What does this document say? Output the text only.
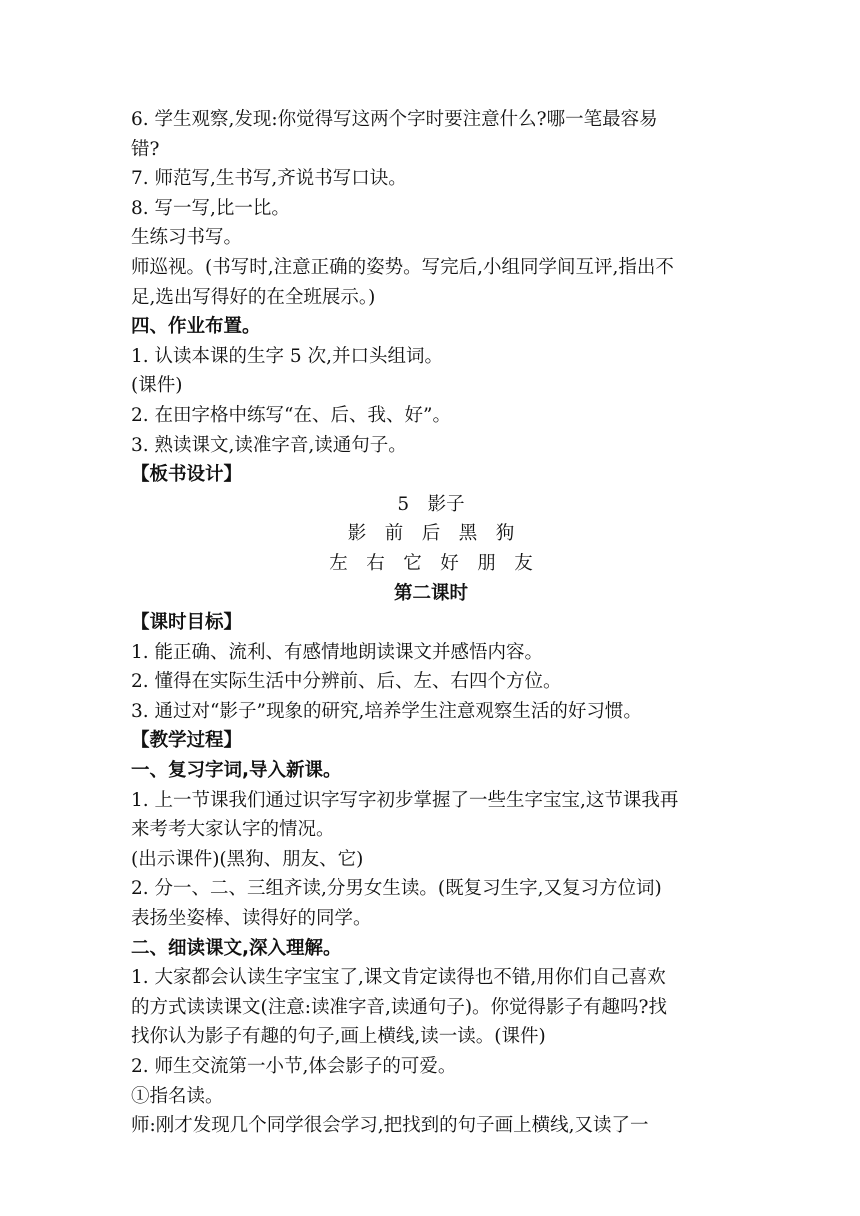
6. 学生观察,发现:你觉得写这两个字时要注意什么?哪一笔最容易
错?
7. 师范写,生书写,齐说书写口诀。
8. 写一写,比一比。
生练习书写。
师巡视。(书写时,注意正确的姿势。写完后,小组同学间互评,指出不
足,选出写得好的在全班展示。)
四、作业布置。
1. 认读本课的生字 5 次,并口头组词。
(课件)
2. 在田字格中练写“在、后、我、好”。
3. 熟读课文,读准字音,读通句子。
【板书设计】
5　影子
影　前　后　黑　狗
左　右　它　好　朋　友
第二课时
【课时目标】
1. 能正确、流利、有感情地朗读课文并感悟内容。
2. 懂得在实际生活中分辨前、后、左、右四个方位。
3. 通过对“影子”现象的研究,培养学生注意观察生活的好习惯。
【教学过程】
一、复习字词,导入新课。
1. 上一节课我们通过识字写字初步掌握了一些生字宝宝,这节课我再
来考考大家认字的情况。
(出示课件)(黑狗、朋友、它)
2. 分一、二、三组齐读,分男女生读。(既复习生字,又复习方位词)
表扬坐姿棒、读得好的同学。
二、细读课文,深入理解。
1. 大家都会认读生字宝宝了,课文肯定读得也不错,用你们自己喜欢
的方式读读课文(注意:读准字音,读通句子)。你觉得影子有趣吗?找
找你认为影子有趣的句子,画上横线,读一读。(课件)
2. 师生交流第一小节,体会影子的可爱。
①指名读。
师:刚才发现几个同学很会学习,把找到的句子画上横线,又读了一
